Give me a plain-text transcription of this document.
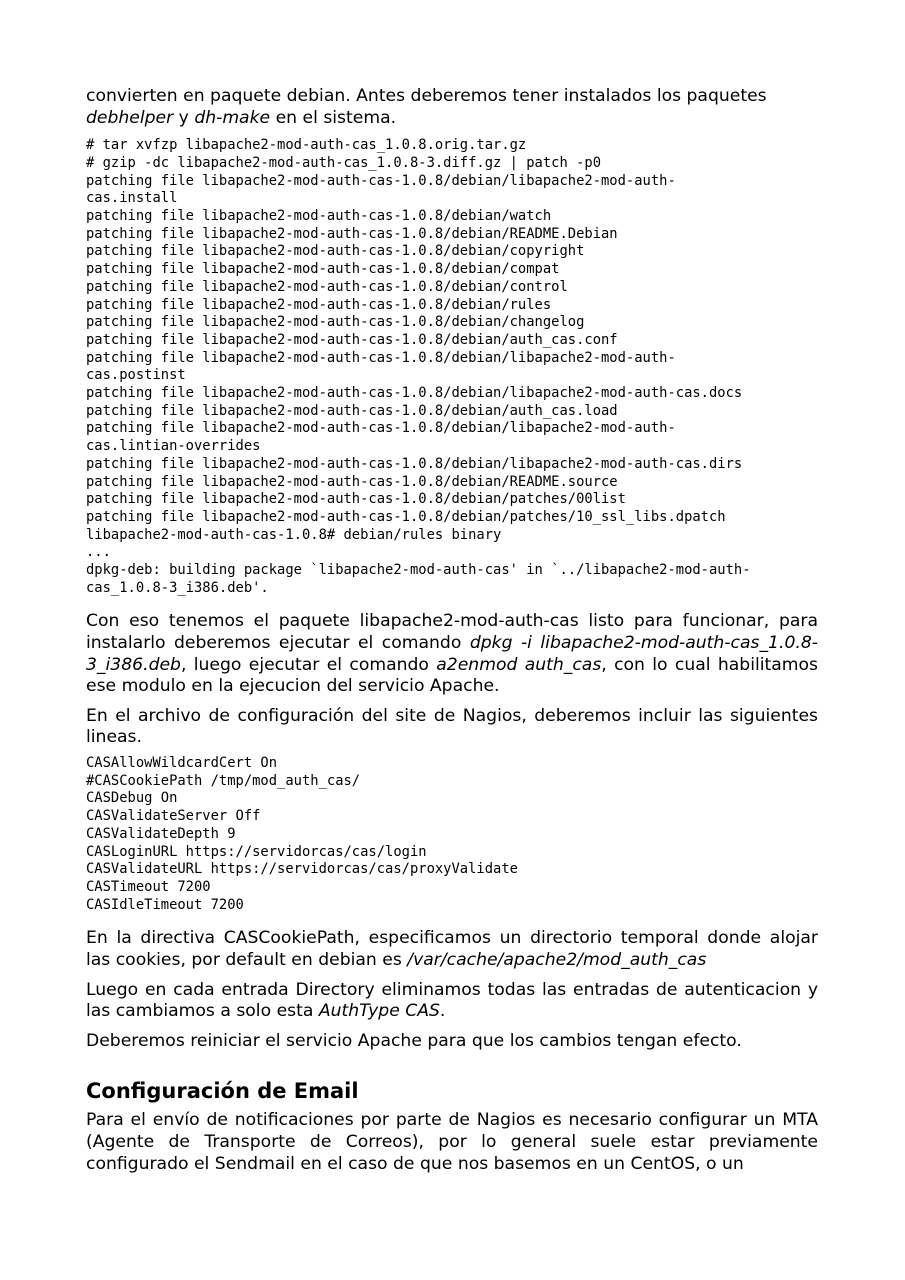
convierten en paquete debian. Antes deberemos tener instalados los paquetes
debhelper y dh-make en el sistema.

# tar xvfzp libapache2-mod-auth-cas_1.0.8.orig.tar.gz
# gzip -dc libapache2-mod-auth-cas_1.0.8-3.diff.gz | patch -p0
patching file libapache2-mod-auth-cas-1.0.8/debian/libapache2-mod-auth-
cas.install
patching file libapache2-mod-auth-cas-1.0.8/debian/watch
patching file libapache2-mod-auth-cas-1.0.8/debian/README.Debian
patching file libapache2-mod-auth-cas-1.0.8/debian/copyright
patching file libapache2-mod-auth-cas-1.0.8/debian/compat
patching file libapache2-mod-auth-cas-1.0.8/debian/control
patching file libapache2-mod-auth-cas-1.0.8/debian/rules
patching file libapache2-mod-auth-cas-1.0.8/debian/changelog
patching file libapache2-mod-auth-cas-1.0.8/debian/auth_cas.conf
patching file libapache2-mod-auth-cas-1.0.8/debian/libapache2-mod-auth-
cas.postinst
patching file libapache2-mod-auth-cas-1.0.8/debian/libapache2-mod-auth-cas.docs
patching file libapache2-mod-auth-cas-1.0.8/debian/auth_cas.load
patching file libapache2-mod-auth-cas-1.0.8/debian/libapache2-mod-auth-
cas.lintian-overrides
patching file libapache2-mod-auth-cas-1.0.8/debian/libapache2-mod-auth-cas.dirs
patching file libapache2-mod-auth-cas-1.0.8/debian/README.source
patching file libapache2-mod-auth-cas-1.0.8/debian/patches/00list
patching file libapache2-mod-auth-cas-1.0.8/debian/patches/10_ssl_libs.dpatch
libapache2-mod-auth-cas-1.0.8# debian/rules binary
...
dpkg-deb: building package `libapache2-mod-auth-cas' in `../libapache2-mod-auth-
cas_1.0.8-3_i386.deb'.

Con eso tenemos el paquete libapache2-mod-auth-cas listo para funcionar, para instalarlo deberemos ejecutar el comando dpkg -i libapache2-mod-auth-cas_1.0.8-3_i386.deb, luego ejecutar el comando a2enmod auth_cas, con lo cual habilitamos ese modulo en la ejecucion del servicio Apache.

En el archivo de configuración del site de Nagios, deberemos incluir las siguientes lineas.

CASAllowWildcardCert On
#CASCookiePath /tmp/mod_auth_cas/
CASDebug On
CASValidateServer Off
CASValidateDepth 9
CASLoginURL https://servidorcas/cas/login
CASValidateURL https://servidorcas/cas/proxyValidate
CASTimeout 7200
CASIdleTimeout 7200

En la directiva CASCookiePath, especificamos un directorio temporal donde alojar las cookies, por default en debian es /var/cache/apache2/mod_auth_cas

Luego en cada entrada Directory eliminamos todas las entradas de autenticacion y las cambiamos a solo esta AuthType CAS.

Deberemos reiniciar el servicio Apache para que los cambios tengan efecto.

Configuración de Email

Para el envío de notificaciones por parte de Nagios es necesario configurar un MTA (Agente de Transporte de Correos), por lo general suele estar previamente configurado el Sendmail en el caso de que nos basemos en un CentOS, o un
